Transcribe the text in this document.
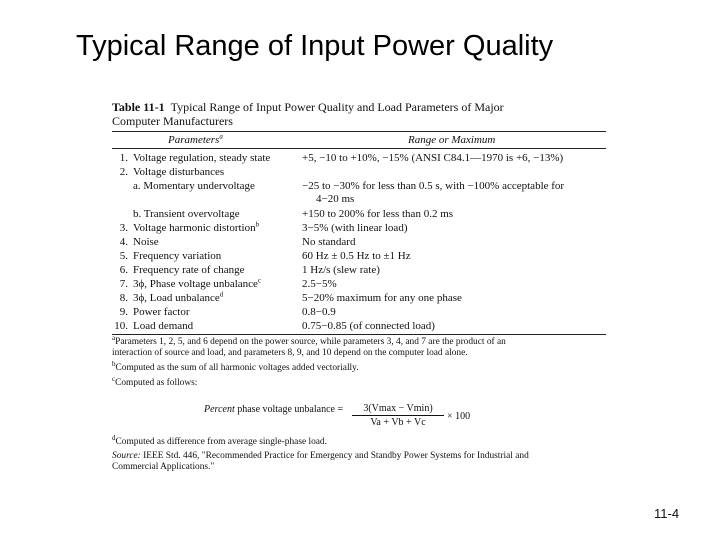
Typical Range of Input Power Quality
Table 11-1 Typical Range of Input Power Quality and Load Parameters of Major Computer Manufacturers
Parameters$^a$	Range or Maximum
1. Voltage regulation, steady state
2. Voltage disturbances
a. Momentary undervoltage
b. Transient overvoltage
3. Voltage harmonic distortion$^b$
4. Noise
5. Frequency variation
6. Frequency rate of change
7. 3ϕ, Phase voltage unbalance$^c$
8. 3ϕ, Load unbalance$^d$
9. Power factor
10. Load demand
+5, −10 to +10%, −15% (ANSI C84.1—1970 is +6, −13%)
−25 to −30% for less than 0.5 s, with −100% acceptable for
4−20 ms
+150 to 200% for less than 0.2 ms
3−5% (with linear load)
No standard
60 Hz ± 0.5 Hz to ±1 Hz
1 Hz/s (slew rate)
2.5−5%
5−20% maximum for any one phase
0.8−0.9
0.75−0.85 (of connected load)

$^a$Parameters 1, 2, 5, and 6 depend on the power source, while parameters 3, 4, and 7 are the product of an interaction of source and load, and parameters 8, 9, and 10 depend on the computer load alone.

$^b$Computed as the sum of all harmonic voltages added vectorially.

$^c$Computed as follows:

Percent phase voltage unbalance =	3(Vmax − Vmin)
Va + Vb + Vc
× 100

$^d$Computed as difference from average single-phase load.

Source: IEEE Std. 446, "Recommended Practice for Emergency and Standby Power Systems for Industrial and Commercial Applications."

11-4
